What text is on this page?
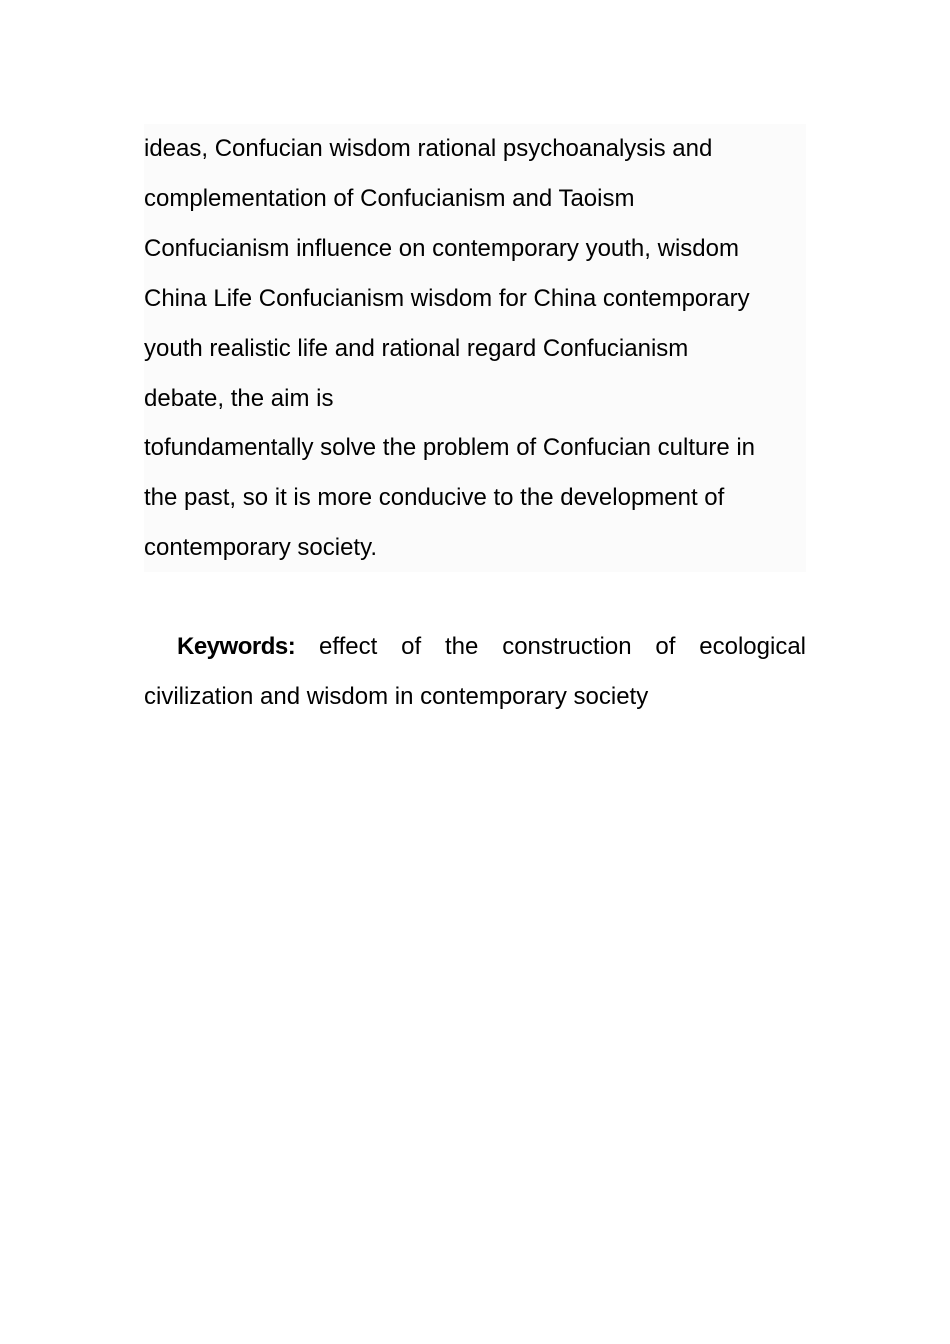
ideas, Confucian wisdom rational psychoanalysis and

complementation of Confucianism and Taoism

Confucianism influence on contemporary youth, wisdom

China Life Confucianism wisdom for China contemporary

youth realistic life and rational regard Confucianism

debate, the aim is

tofundamentally solve the problem of Confucian culture in

the past, so it is more conducive to the development of

contemporary society.

Keywords: effect of the construction of ecological
civilization and wisdom in contemporary society
